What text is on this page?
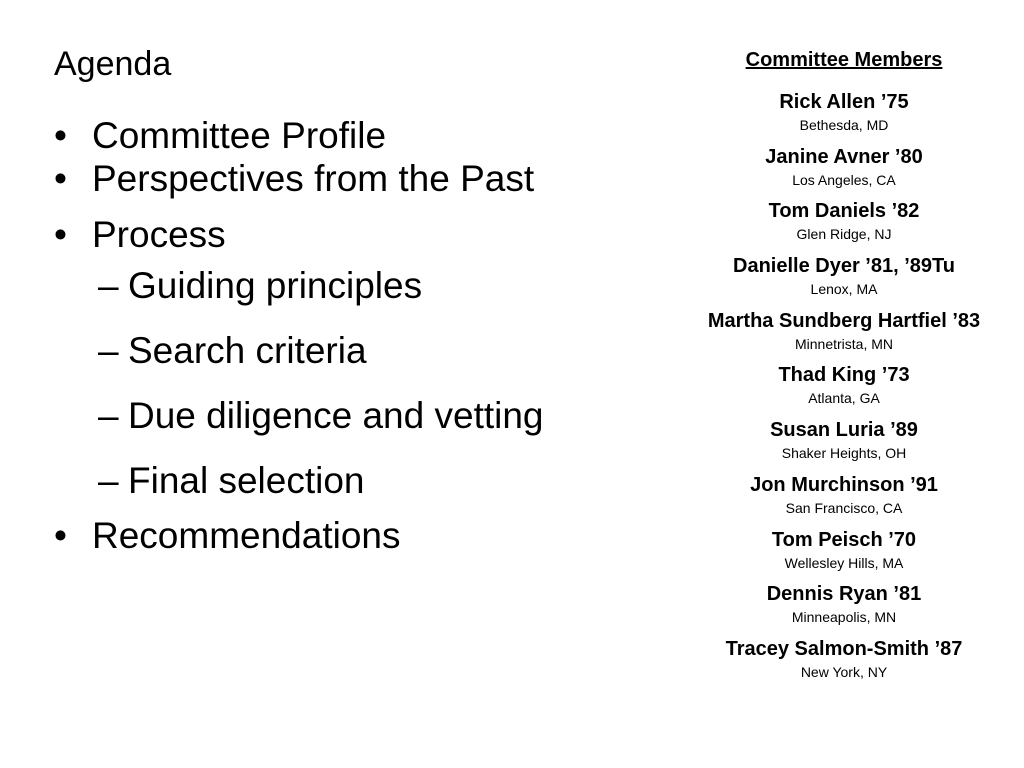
Agenda
• Committee Profile
• Perspectives from the Past
• Process
– Guiding principles
– Search criteria
– Due diligence and vetting
– Final selection
• Recommendations
Committee Members
Rick Allen ’75
Bethesda, MD
Janine Avner ’80
Los Angeles, CA
Tom Daniels ’82
Glen Ridge, NJ
Danielle Dyer ’81, ’89Tu
Lenox, MA
Martha Sundberg Hartfiel ’83
Minnetrista, MN
Thad King ’73
Atlanta, GA
Susan Luria ’89
Shaker Heights, OH
Jon Murchinson ’91
San Francisco, CA
Tom Peisch ’70
Wellesley Hills, MA
Dennis Ryan ’81
Minneapolis, MN
Tracey Salmon-Smith ’87
New York, NY
